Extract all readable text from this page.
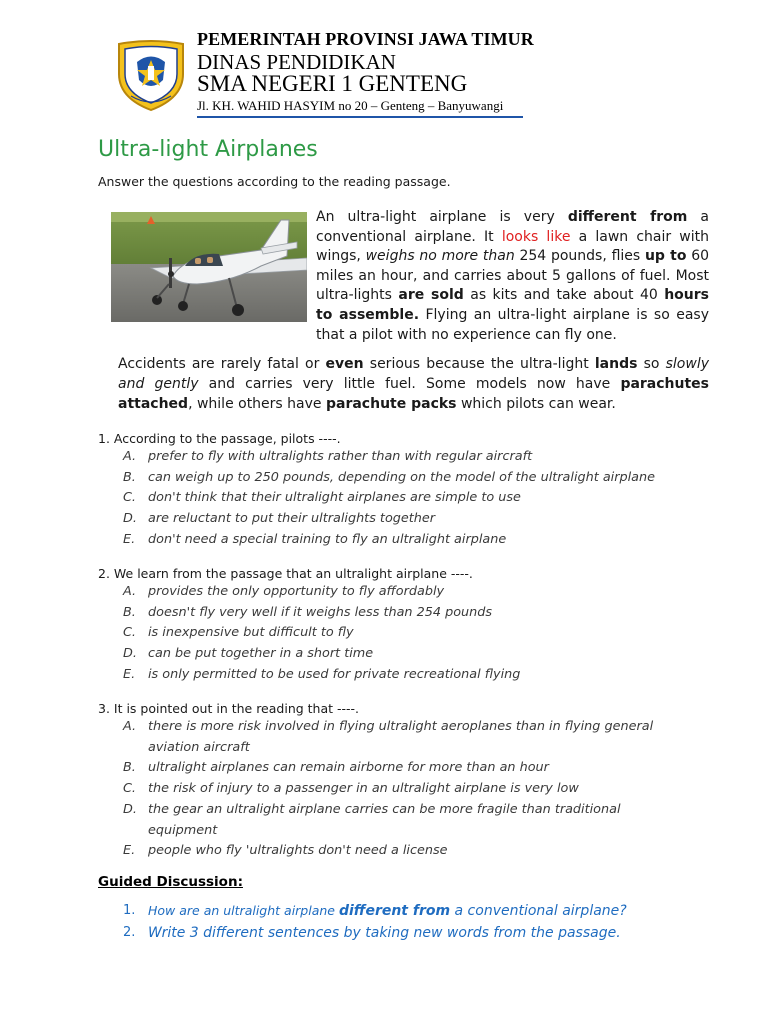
PEMERINTAH PROVINSI JAWA TIMUR
DINAS PENDIDIKAN
SMA NEGERI 1 GENTENG
Jl. KH. WAHID HASYIM no 20 – Genteng – Banyuwangi
Ultra-light Airplanes
Answer the questions according to the reading passage.
An ultra-light airplane is very different from a conventional airplane. It looks like a lawn chair with wings, weighs no more than 254 pounds, flies up to 60 miles an hour, and carries about 5 gallons of fuel. Most ultra-lights are sold as kits and take about 40 hours to assemble. Flying an ultra-light airplane is so easy that a pilot with no experience can fly one.
Accidents are rarely fatal or even serious because the ultra-light lands so slowly and gently and carries very little fuel. Some models now have parachutes attached, while others have parachute packs which pilots can wear.
1. According to the passage, pilots ----.
A. prefer to fly with ultralights rather than with regular aircraft
B. can weigh up to 250 pounds, depending on the model of the ultralight airplane
C. don't think that their ultralight airplanes are simple to use
D. are reluctant to put their ultralights together
E. don't need a special training to fly an ultralight airplane
2. We learn from the passage that an ultralight airplane ----.
A. provides the only opportunity to fly affordably
B. doesn't fly very well if it weighs less than 254 pounds
C. is inexpensive but difficult to fly
D. can be put together in a short time
E. is only permitted to be used for private recreational flying
3. It is pointed out in the reading that ----.
A. there is more risk involved in flying ultralight aeroplanes than in flying general aviation aircraft
B. ultralight airplanes can remain airborne for more than an hour
C. the risk of injury to a passenger in an ultralight airplane is very low
D. the gear an ultralight airplane carries can be more fragile than traditional equipment
E. people who fly 'ultralights don't need a license
Guided Discussion:
1. How are an ultralight airplane different from a conventional airplane?
2. Write 3 different sentences by taking new words from the passage.
